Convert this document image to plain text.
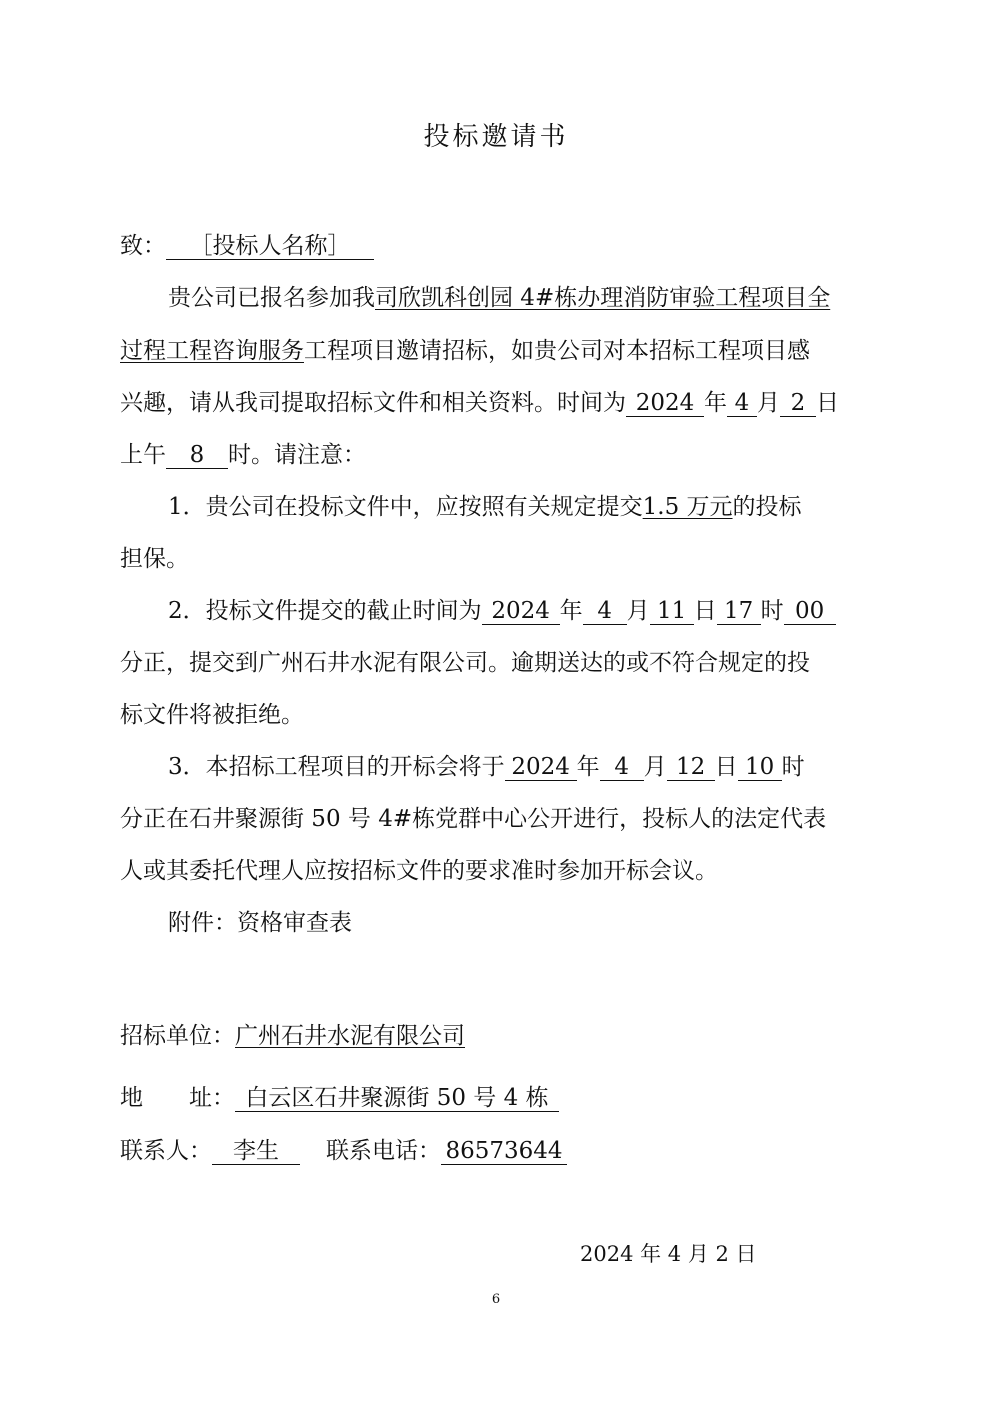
投标邀请书
致： ［投标人名称］
贵公司已报名参加我司欣凯科创园 4#栋办理消防审验工程项目全
过程工程咨询服务工程项目邀请招标，如贵公司对本招标工程项目感
兴趣，请从我司提取招标文件和相关资料。时间为 2024 年 4 月 2 日
上午 8 时。请注意：
1．贵公司在投标文件中，应按照有关规定提交1.5 万元的投标
担保。
2．投标文件提交的截止时间为 2024 年 4 月 11 日 17 时 00
分正，提交到广州石井水泥有限公司。逾期送达的或不符合规定的投
标文件将被拒绝。
3．本招标工程项目的开标会将于 2024 年 4 月 12 日 10 时
分正在石井聚源街 50 号 4#栋党群中心公开进行，投标人的法定代表
人或其委托代理人应按招标文件的要求准时参加开标会议。
附件：资格审查表
招标单位：广州石井水泥有限公司
地　　址： 白云区石井聚源街 50 号 4 栋
联系人： 李生 联系电话： 86573644
2024 年 4 月 2 日
6
